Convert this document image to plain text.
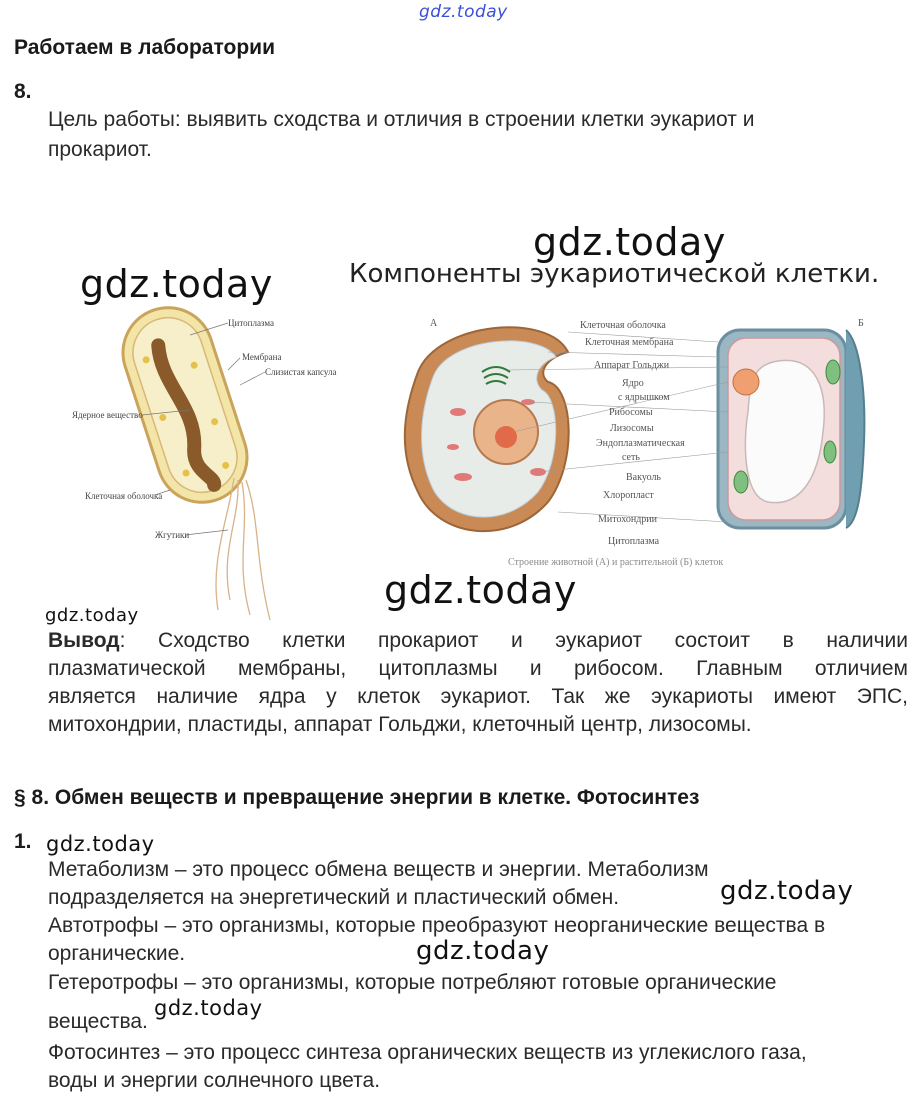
gdz.today
Работаем в лаборатории
8.
Цель работы: выявить сходства и отличия в строении клетки эукариот и
прокариот.
gdz.today
gdz.today
Компоненты эукариотической клетки.
Цитоплазма
Мембрана
Слизистая капсула
Ядерное вещество
Клеточная оболочка
Жгутики
А	Б
Клеточная оболочка
Клеточная мембрана
Аппарат Гольджи
Ядро
с ядрышком
Рибосомы
Лизосомы
Эндоплазматическая
сеть
Вакуоль
Хлоропласт
Митохондрии
Цитоплазма
Строение животной (А) и растительной (Б) клеток
gdz.today
gdz.today
Вывод : Сходство клетки прокариот и эукариот состоит в наличии
плазматической мембраны, цитоплазмы и рибосом. Главным отличием
является наличие ядра у клеток эукариот. Так же эукариоты имеют ЭПС,
митохондрии, пластиды, аппарат Гольджи, клеточный центр, лизосомы.
§ 8. Обмен веществ и превращение энергии в клетке. Фотосинтез
1. gdz.today
Метаболизм – это процесс обмена веществ и энергии. Метаболизм
подразделяется на энергетический и пластический обмен.	gdz.today
Автотрофы – это организмы, которые преобразуют неорганические вещества в
органические.	gdz.today
Гетеротрофы – это организмы, которые потребляют готовые органические
вещества.
gdz.today
Фотосинтез – это процесс синтеза органических веществ из углекислого газа,
воды и энергии солнечного цвета.
